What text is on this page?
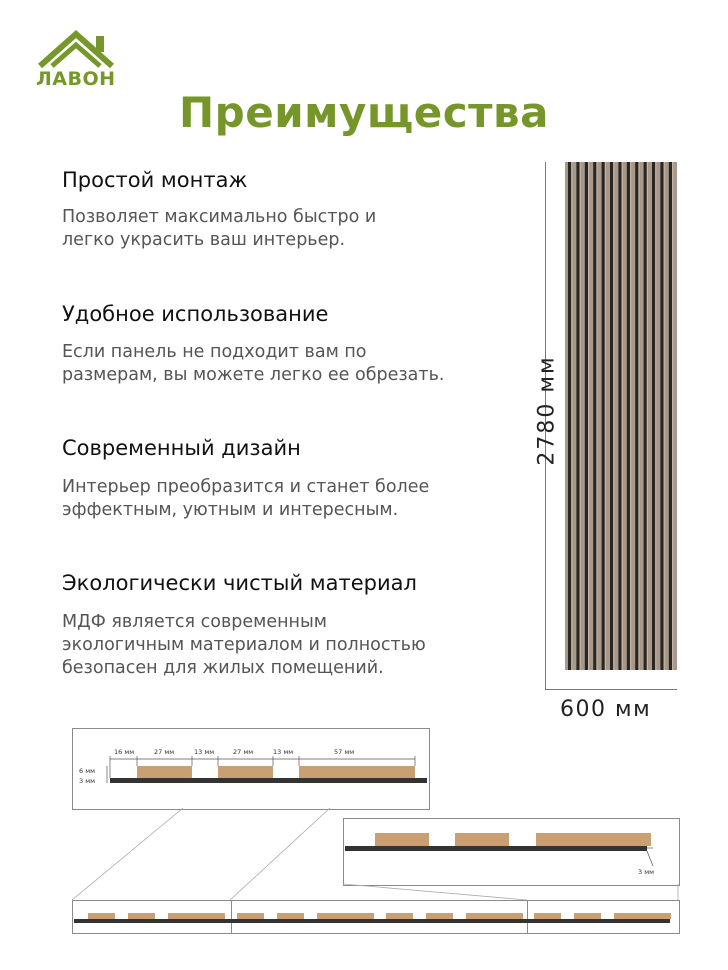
ЛАВОН
Преимущества
Простой монтаж
Позволяет максимально быстро и
легко украсить ваш интерьер.
Удобное использование
Если панель не подходит вам по
размерам, вы можете легко ее обрезать.
Современный дизайн
Интерьер преобразится и станет более
эффектным, уютным и интересным.
Экологически чистый материал
МДФ является современным
экологичным материалом и полностью
безопасен для жилых помещений.
2780 мм
600 мм
16 мм	27 мм	13 мм	27 мм	13 мм	57 мм
6 мм
3 мм
3 мм
